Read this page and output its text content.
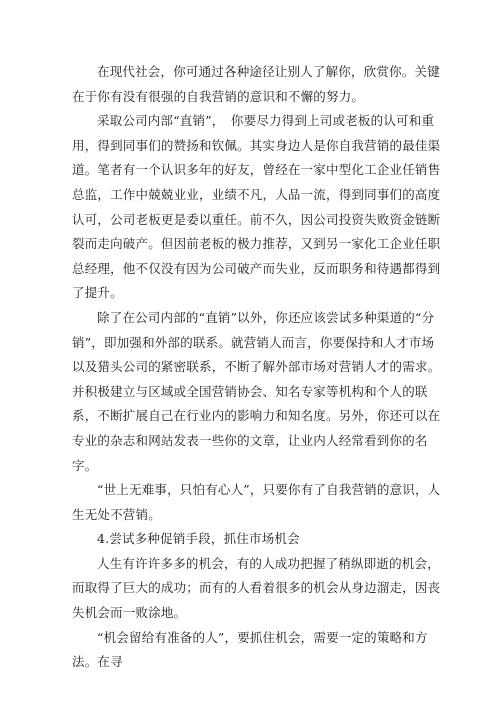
在现代社会，你可通过各种途径让别人了解你，欣赏你。关键在于你有没有很强的自我营销的意识和不懈的努力。

采取公司内部“直销”，　你要尽力得到上司或老板的认可和重用，得到同事们的赞扬和钦佩。其实身边人是你自我营销的最佳渠道。笔者有一个认识多年的好友，曾经在一家中型化工企业任销售总监，工作中兢兢业业，业绩不凡，人品一流，得到同事们的高度认可，公司老板更是委以重任。前不久，因公司投资失败资金链断裂而走向破产。但因前老板的极力推荐，又到另一家化工企业任职总经理，他不仅没有因为公司破产而失业，反而职务和待遇都得到了提升。

除了在公司内部的“直销”以外，你还应该尝试多种渠道的“分销”，即加强和外部的联系。就营销人而言，你要保持和人才市场以及猎头公司的紧密联系，不断了解外部市场对营销人才的需求。并积极建立与区域或全国营销协会、知名专家等机构和个人的联系，不断扩展自己在行业内的影响力和知名度。另外，你还可以在专业的杂志和网站发表一些你的文章，让业内人经常看到你的名字。

“世上无难事，只怕有心人”，只要你有了自我营销的意识，人生无处不营销。

4.尝试多种促销手段，抓住市场机会

人生有许许多多的机会，有的人成功把握了稍纵即逝的机会，而取得了巨大的成功；而有的人看着很多的机会从身边溜走，因丧失机会而一败涂地。

“机会留给有准备的人”，要抓住机会，需要一定的策略和方法。在寻
